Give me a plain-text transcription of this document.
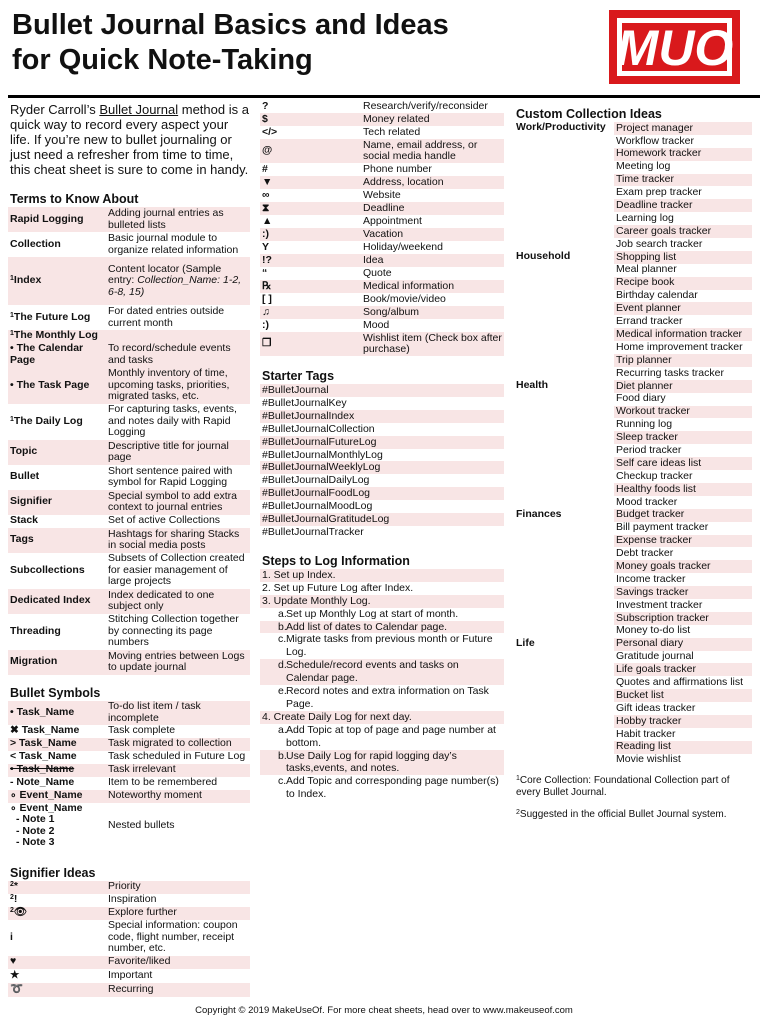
Bullet Journal Basics and Ideas
for Quick Note-Taking	MUO
Ryder Carroll’s Bullet Journal method is a quick way to record every aspect your life. If you’re new to bullet journaling or just need a refresher from time to time, this cheat sheet is sure to come in handy.
Terms to Know About
Rapid Logging	Adding journal entries as bulleted lists
Collection	Basic journal module to organize related information
$^1$Index	Content locator (Sample entry: Collection_Name: 1-2, 6-8, 15)
$^1$The Future Log	For dated entries outside current month
$^1$The Monthly Log	
• The Calendar Page	To record/schedule events and tasks
• The Task Page	Monthly inventory of time, upcoming tasks, priorities, migrated tasks, etc.
$^1$The Daily Log	For capturing tasks, events, and notes daily with Rapid Logging
Topic	Descriptive title for journal page
Bullet	Short sentence paired with symbol for Rapid Logging
Signifier	Special symbol to add extra context to journal entries
Stack	Set of active Collections
Tags	Hashtags for sharing Stacks in social media posts
Subcollections	Subsets of Collection created for easier management of large projects
Dedicated Index	Index dedicated to one subject only
Threading	Stitching Collection together by connecting its page numbers
Migration	Moving entries between Logs to update journal
Bullet Symbols
• Task_Name	To-do list item / task incomplete
✖ Task_Name	Task complete
> Task_Name	Task migrated to collection
< Task_Name	Task scheduled in Future Log
• Task_Name	Task irrelevant
- Note_Name	Item to be remembered
∘ Event_Name	Noteworthy moment

∘ Event_Name
- Note 1
- Note 2
- Note 3	Nested bullets
Signifier Ideas
$^2$*	Priority
$^2$!	Inspiration
$^2$👁	Explore further
i	Special information: coupon code, flight number, receipt number, etc.
♥	Favorite/liked
★	Important
➰	Recurring
?	Research/verify/reconsider
$	Money related
</>	Tech related
@	Name, email address, or social media handle
#	Phone number
▼	Address, location
∞	Website
⧗	Deadline
▲	Appointment
:)	Vacation
Y	Holiday/weekend
!?	Idea
“	Quote
℞	Medical information
[ ]	Book/movie/video
♫	Song/album
:)	Mood
❐	Wishlist item (Check box after purchase)
Starter Tags
#BulletJournal
#BulletJournalKey
#BulletJournalIndex
#BulletJournalCollection
#BulletJournalFutureLog
#BulletJournalMonthlyLog
#BulletJournalWeeklyLog
#BulletJournalDailyLog
#BulletJournalFoodLog
#BulletJournalMoodLog
#BulletJournalGratitudeLog
#BulletJournalTracker
Steps to Log Information
1. Set up Index.
2. Set up Future Log after Index.
3. Update Monthly Log.
a. Set up Monthly Log at start of month.
b. Add list of dates to Calendar page.
c. Migrate tasks from previous month or Future Log.
d. Schedule/record events and tasks on Calendar page.
e. Record notes and extra information on Task Page.
4. Create Daily Log for next day.
a. Add Topic at top of page and page number at bottom.
b. Use Daily Log for rapid logging day’s tasks,events, and notes.
c. Add Topic and corresponding page number(s) to Index.
Custom Collection Ideas
Work/Productivity	Project manager
	Workflow tracker
	Homework tracker
	Meeting log
	Time tracker
	Exam prep tracker
	Deadline tracker
	Learning log
	Career goals tracker
	Job search tracker
Household	Shopping list
	Meal planner
	Recipe book
	Birthday calendar
	Event planner
	Errand tracker
	Medical information tracker
	Home improvement tracker
	Trip planner
	Recurring tasks tracker
Health	Diet planner
	Food diary
	Workout tracker
	Running log
	Sleep tracker
	Period tracker
	Self care ideas list
	Checkup tracker
	Healthy foods list
	Mood tracker
Finances	Budget tracker
	Bill payment tracker
	Expense tracker
	Debt tracker
	Money goals tracker
	Income tracker
	Savings tracker
	Investment tracker
	Subscription tracker
	Money to-do list
Life	Personal diary
	Gratitude journal
	Life goals tracker
	Quotes and affirmations list
	Bucket list
	Gift ideas tracker
	Hobby tracker
	Habit tracker
	Reading list
	Movie wishlist
$^1$Core Collection: Foundational Collection part of every Bullet Journal.
$^2$Suggested in the official Bullet Journal system.
Copyright © 2019 MakeUseOf. For more cheat sheets, head over to www.makeuseof.com
